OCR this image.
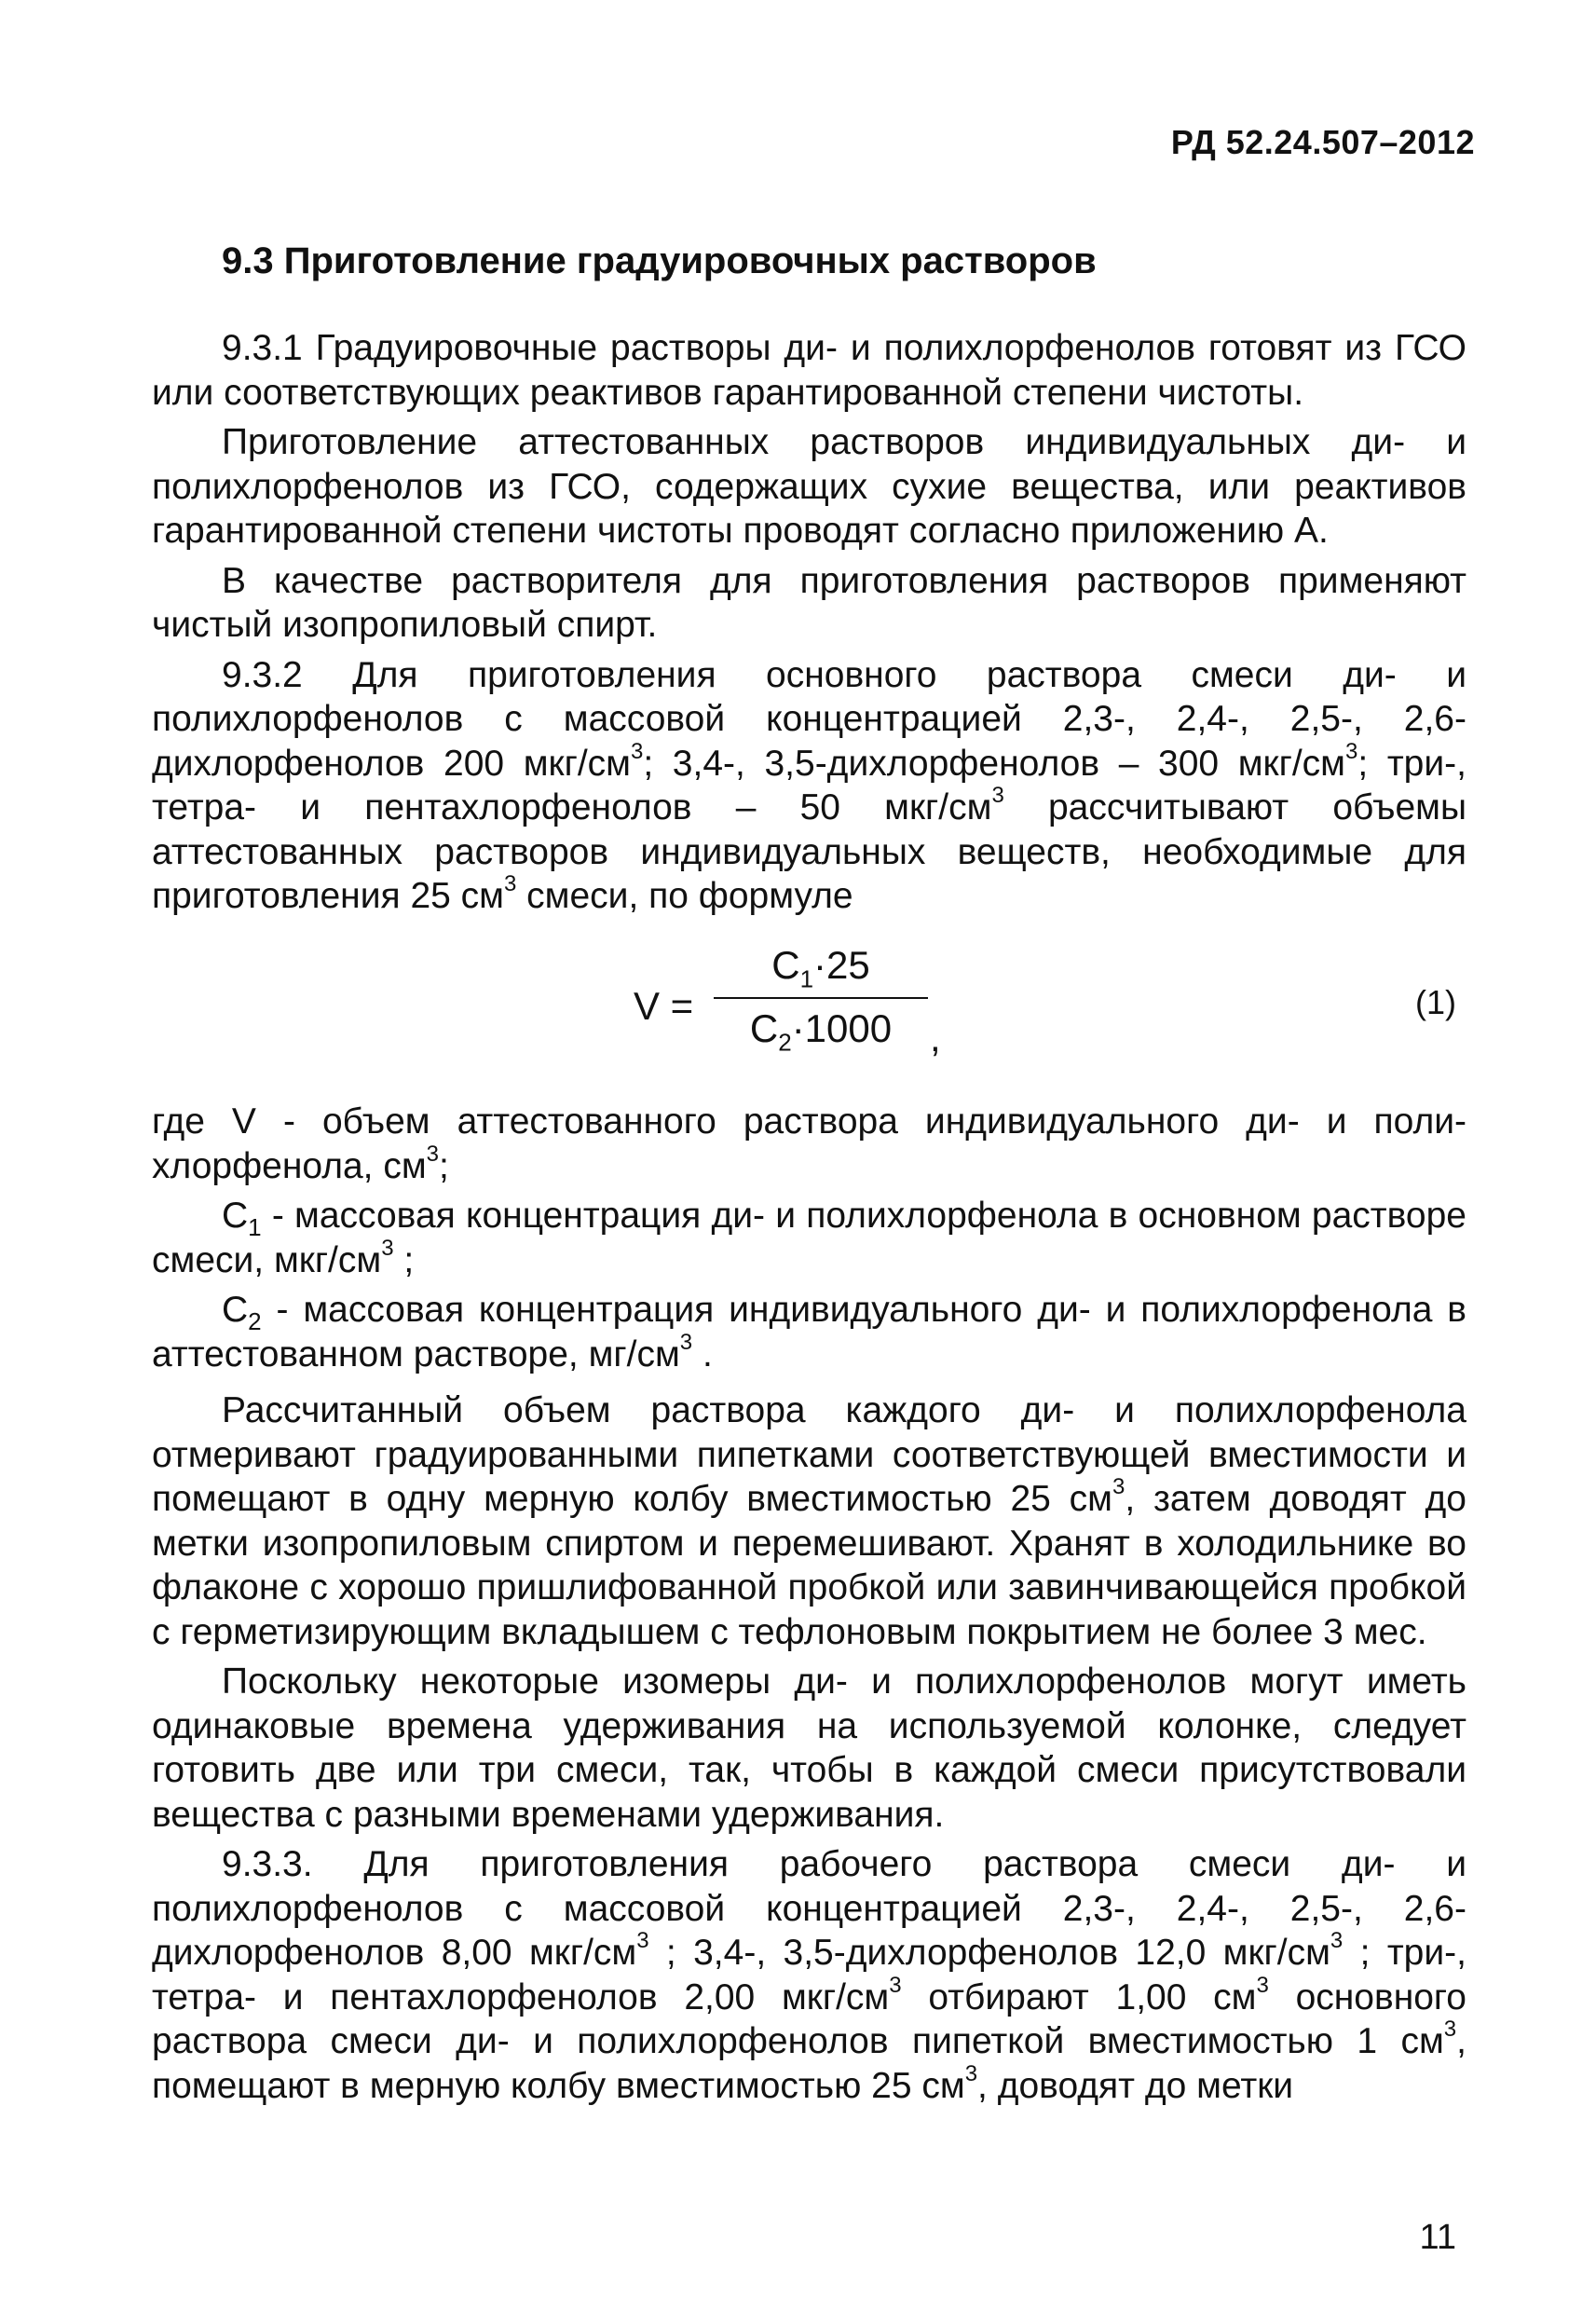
РД 52.24.507–2012
9.3 Приготовление градуировочных растворов

9.3.1 Градуировочные растворы ди- и полихлорфенолов готовят из ГСО или соответствующих реактивов гарантированной степени чистоты.

Приготовление аттестованных растворов индивидуальных ди- и полихлорфенолов из ГСО, содержащих сухие вещества, или реактивов гарантированной степени чистоты проводят согласно приложению А.

В качестве растворителя для приготовления растворов применяют чистый изопропиловый спирт.

9.3.2 Для приготовления основного раствора смеси ди- и полихлорфенолов с массовой концентрацией 2,3-, 2,4-, 2,5-, 2,6-дихлорфенолов 200 мкг/$см^3$; 3,4-, 3,5-дихлорфенолов – 300 мкг/$см^3$; три-, тетра- и пентахлорфенолов – 50 мкг/$см^3$ рассчитывают объемы аттестованных растворов индивидуальных веществ, необходимые для приготовления 25 $см^3$ смеси, по формуле

V =
$C_1\cdot 25$
$C_2\cdot 1000$ ,
(1)

где V - объем аттестованного раствора индивидуального ди- и поли-хлорфенола, $см^3$;

$С_1$ - массовая концентрация ди- и полихлорфенола в основном растворе смеси, мкг/$см^3$ ;

$С_2$ - массовая концентрация индивидуального ди- и полихлорфенола в аттестованном растворе, $мг/см^3$ .

Рассчитанный объем раствора каждого ди- и полихлорфенола отмеривают градуированными пипетками соответствующей вместимости и помещают в одну мерную колбу вместимостью 25 $см^3$, затем доводят до метки изопропиловым спиртом и перемешивают. Хранят в холодильнике во флаконе с хорошо пришлифованной пробкой или завинчивающейся пробкой с герметизирующим вкладышем с тефлоновым покрытием не более 3 мес.

Поскольку некоторые изомеры ди- и полихлорфенолов могут иметь одинаковые времена удерживания на используемой колонке, следует готовить две или три смеси, так, чтобы в каждой смеси присутствовали вещества с разными временами удерживания.

9.3.3. Для приготовления рабочего раствора смеси ди- и полихлорфенолов с массовой концентрацией 2,3-, 2,4-, 2,5-, 2,6-дихлорфенолов 8,00 мкг/$см^3$ ; 3,4-, 3,5-дихлорфенолов 12,0 мкг/$см^3$ ; три-, тетра- и пентахлорфенолов 2,00 мкг/$см^3$ отбирают 1,00 $см^3$ основного раствора смеси ди- и полихлорфенолов пипеткой вместимостью 1 $см^3$, помещают в мерную колбу вместимостью 25 $см^3$, доводят до метки

11
